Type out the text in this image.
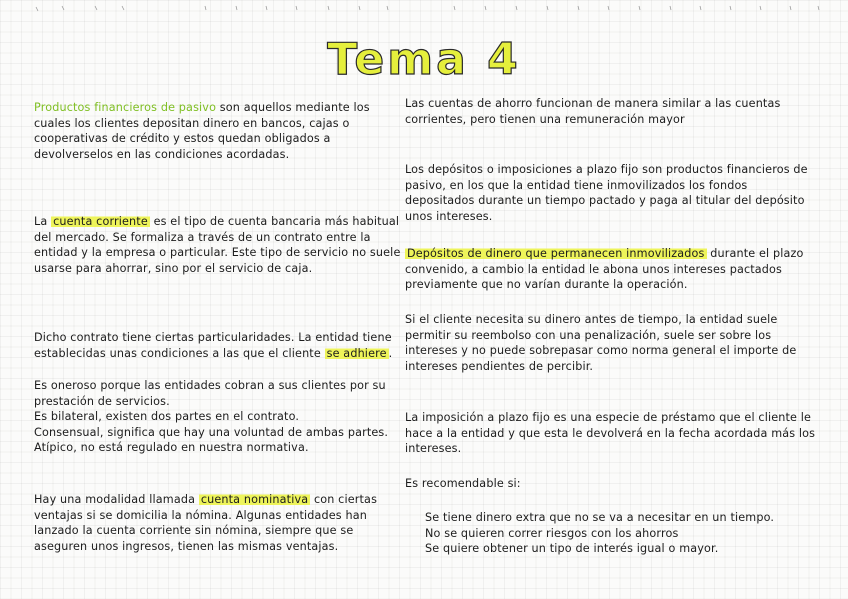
Tema 4
Productos financieros de pasivo son aquellos mediante los cuales los clientes depositan dinero en bancos, cajas o cooperativas de crédito y estos quedan obligados a devolverselos en las condiciones acordadas.
La cuenta corriente es el tipo de cuenta bancaria más habitual del mercado. Se formaliza a través de un contrato entre la entidad y la empresa o particular. Este tipo de servicio no suele usarse para ahorrar, sino por el servicio de caja.
Dicho contrato tiene ciertas particularidades. La entidad tiene establecidas unas condiciones a las que el cliente se adhiere .
Es oneroso porque las entidades cobran a sus clientes por su prestación de servicios.
Es bilateral, existen dos partes en el contrato.
Consensual, significa que hay una voluntad de ambas partes.
Atípico, no está regulado en nuestra normativa.
Hay una modalidad llamada cuenta nominativa con ciertas ventajas si se domicilia la nómina. Algunas entidades han lanzado la cuenta corriente sin nómina, siempre que se aseguren unos ingresos, tienen las mismas ventajas.
Las cuentas de ahorro funcionan de manera similar a las cuentas corrientes, pero tienen una remuneración mayor
Los depósitos o imposiciones a plazo fijo son productos financieros de pasivo, en los que la entidad tiene inmovilizados los fondos depositados durante un tiempo pactado y paga al titular del depósito unos intereses.
Depósitos de dinero que permanecen inmovilizados durante el plazo convenido, a cambio la entidad le abona unos intereses pactados previamente que no varían durante la operación.
Si el cliente necesita su dinero antes de tiempo, la entidad suele permitir su reembolso con una penalización, suele ser sobre los intereses y no puede sobrepasar como norma general el importe de intereses pendientes de percibir.
La imposición a plazo fijo es una especie de préstamo que el cliente le hace a la entidad y que esta le devolverá en la fecha acordada más los intereses.
Es recomendable si:
Se tiene dinero extra que no se va a necesitar en un tiempo.
No se quieren correr riesgos con los ahorros
Se quiere obtener un tipo de interés igual o mayor.
